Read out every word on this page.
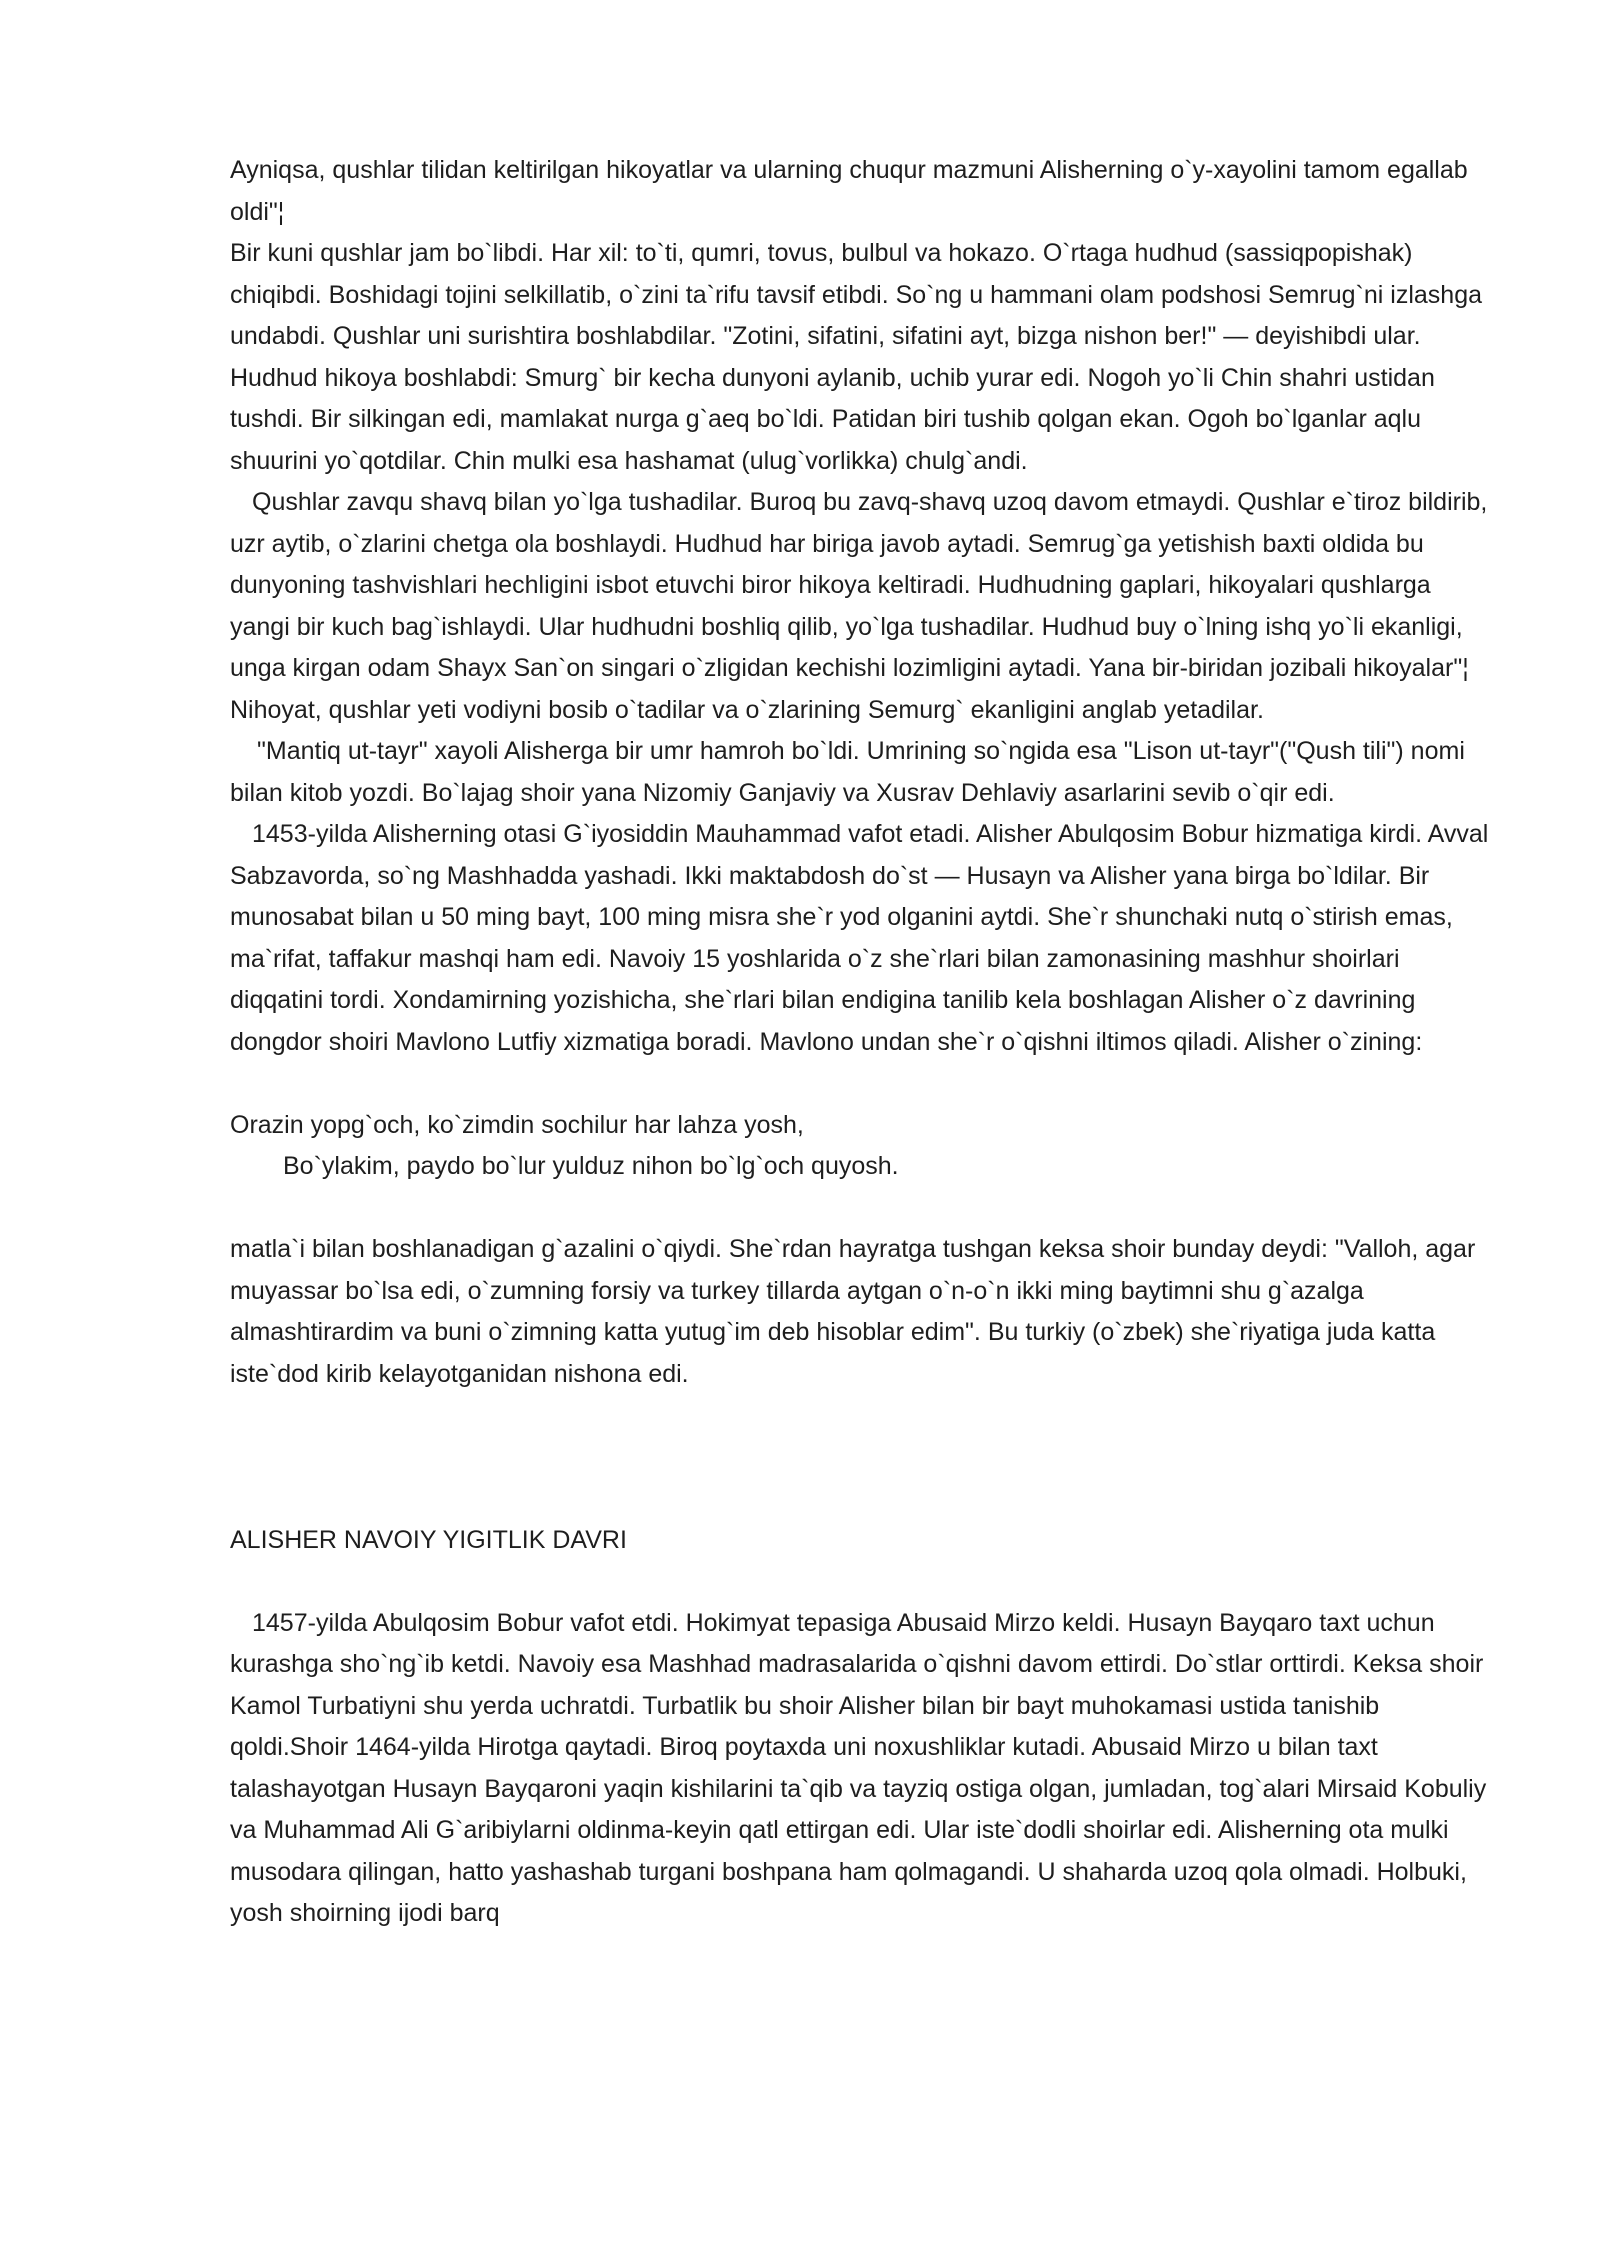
Ayniqsa, qushlar tilidan keltirilgan hikoyatlar va ularning chuqur mazmuni Alisherning o`y-xayolini tamom egallab oldi"¦

Bir kuni qushlar jam bo`libdi. Har xil: to`ti, qumri, tovus, bulbul va hokazo. O`rtaga hudhud (sassiqpopishak) chiqibdi. Boshidagi tojini selkillatib, o`zini ta`rifu tavsif etibdi. So`ng u hammani olam podshosi Semrug`ni izlashga undabdi. Qushlar uni surishtira boshlabdilar. "Zotini, sifatini, sifatini ayt, bizga nishon ber!" — deyishibdi ular. Hudhud hikoya boshlabdi: Smurg` bir kecha dunyoni aylanib, uchib yurar edi. Nogoh yo`li Chin shahri ustidan tushdi. Bir silkingan edi, mamlakat nurga g`aeq bo`ldi. Patidan biri tushib qolgan ekan. Ogoh bo`lganlar aqlu shuurini yo`qotdilar. Chin mulki esa hashamat (ulug`vorlikka) chulg`andi.

Qushlar zavqu shavq bilan yo`lga tushadilar. Buroq bu zavq-shavq uzoq davom etmaydi. Qushlar e`tiroz bildirib, uzr aytib, o`zlarini chetga ola boshlaydi. Hudhud har biriga javob aytadi. Semrug`ga yetishish baxti oldida bu dunyoning tashvishlari hechligini isbot etuvchi biror hikoya keltiradi. Hudhudning gaplari, hikoyalari qushlarga yangi bir kuch bag`ishlaydi. Ular hudhudni boshliq qilib, yo`lga tushadilar. Hudhud buy o`lning ishq yo`li ekanligi, unga kirgan odam Shayx San`on singari o`zligidan kechishi lozimligini aytadi. Yana bir-biridan jozibali hikoyalar"¦ Nihoyat, qushlar yeti vodiyni bosib o`tadilar va o`zlarining Semurg` ekanligini anglab yetadilar.

"Mantiq ut-tayr" xayoli Alisherga bir umr hamroh bo`ldi. Umrining so`ngida esa "Lison ut-tayr"("Qush tili") nomi bilan kitob yozdi. Bo`lajag shoir yana Nizomiy Ganjaviy va Xusrav Dehlaviy asarlarini sevib o`qir edi.

1453-yilda Alisherning otasi G`iyosiddin Mauhammad vafot etadi. Alisher Abulqosim Bobur hizmatiga kirdi. Avval Sabzavorda, so`ng Mashhadda yashadi. Ikki maktabdosh do`st — Husayn va Alisher yana birga bo`ldilar. Bir munosabat bilan u 50 ming bayt, 100 ming misra she`r yod olganini aytdi. She`r shunchaki nutq o`stirish emas, ma`rifat, taffakur mashqi ham edi. Navoiy 15 yoshlarida o`z she`rlari bilan zamonasining mashhur shoirlari diqqatini tordi. Xondamirning yozishicha, she`rlari bilan endigina tanilib kela boshlagan Alisher o`z davrining dongdor shoiri Mavlono Lutfiy xizmatiga boradi. Mavlono undan she`r o`qishni iltimos qiladi. Alisher o`zining:

Orazin yopg`och, ko`zimdin sochilur har lahza yosh,

Bo`ylakim, paydo bo`lur yulduz nihon bo`lg`och quyosh.

matla`i bilan boshlanadigan g`azalini o`qiydi. She`rdan hayratga tushgan keksa shoir bunday deydi: "Valloh, agar muyassar bo`lsa edi, o`zumning forsiy va turkey tillarda aytgan o`n-o`n ikki ming baytimni shu g`azalga almashtirardim va buni o`zimning katta yutug`im deb hisoblar edim". Bu turkiy (o`zbek) she`riyatiga juda katta iste`dod kirib kelayotganidan nishona edi.

ALISHER NAVOIY YIGITLIK DAVRI

1457-yilda Abulqosim Bobur vafot etdi. Hokimyat tepasiga Abusaid Mirzo keldi. Husayn Bayqaro taxt uchun kurashga sho`ng`ib ketdi. Navoiy esa Mashhad madrasalarida o`qishni davom ettirdi. Do`stlar orttirdi. Keksa shoir Kamol Turbatiyni shu yerda uchratdi. Turbatlik bu shoir Alisher bilan bir bayt muhokamasi ustida tanishib qoldi.Shoir 1464-yilda Hirotga qaytadi. Biroq poytaxda uni noxushliklar kutadi. Abusaid Mirzo u bilan taxt talashayotgan Husayn Bayqaroni yaqin kishilarini ta`qib va tayziq ostiga olgan, jumladan, tog`alari Mirsaid Kobuliy va Muhammad Ali G`aribiylarni oldinma-keyin qatl ettirgan edi. Ular iste`dodli shoirlar edi. Alisherning ota mulki musodara qilingan, hatto yashashab turgani boshpana ham qolmagandi. U shaharda uzoq qola olmadi. Holbuki, yosh shoirning ijodi barq
